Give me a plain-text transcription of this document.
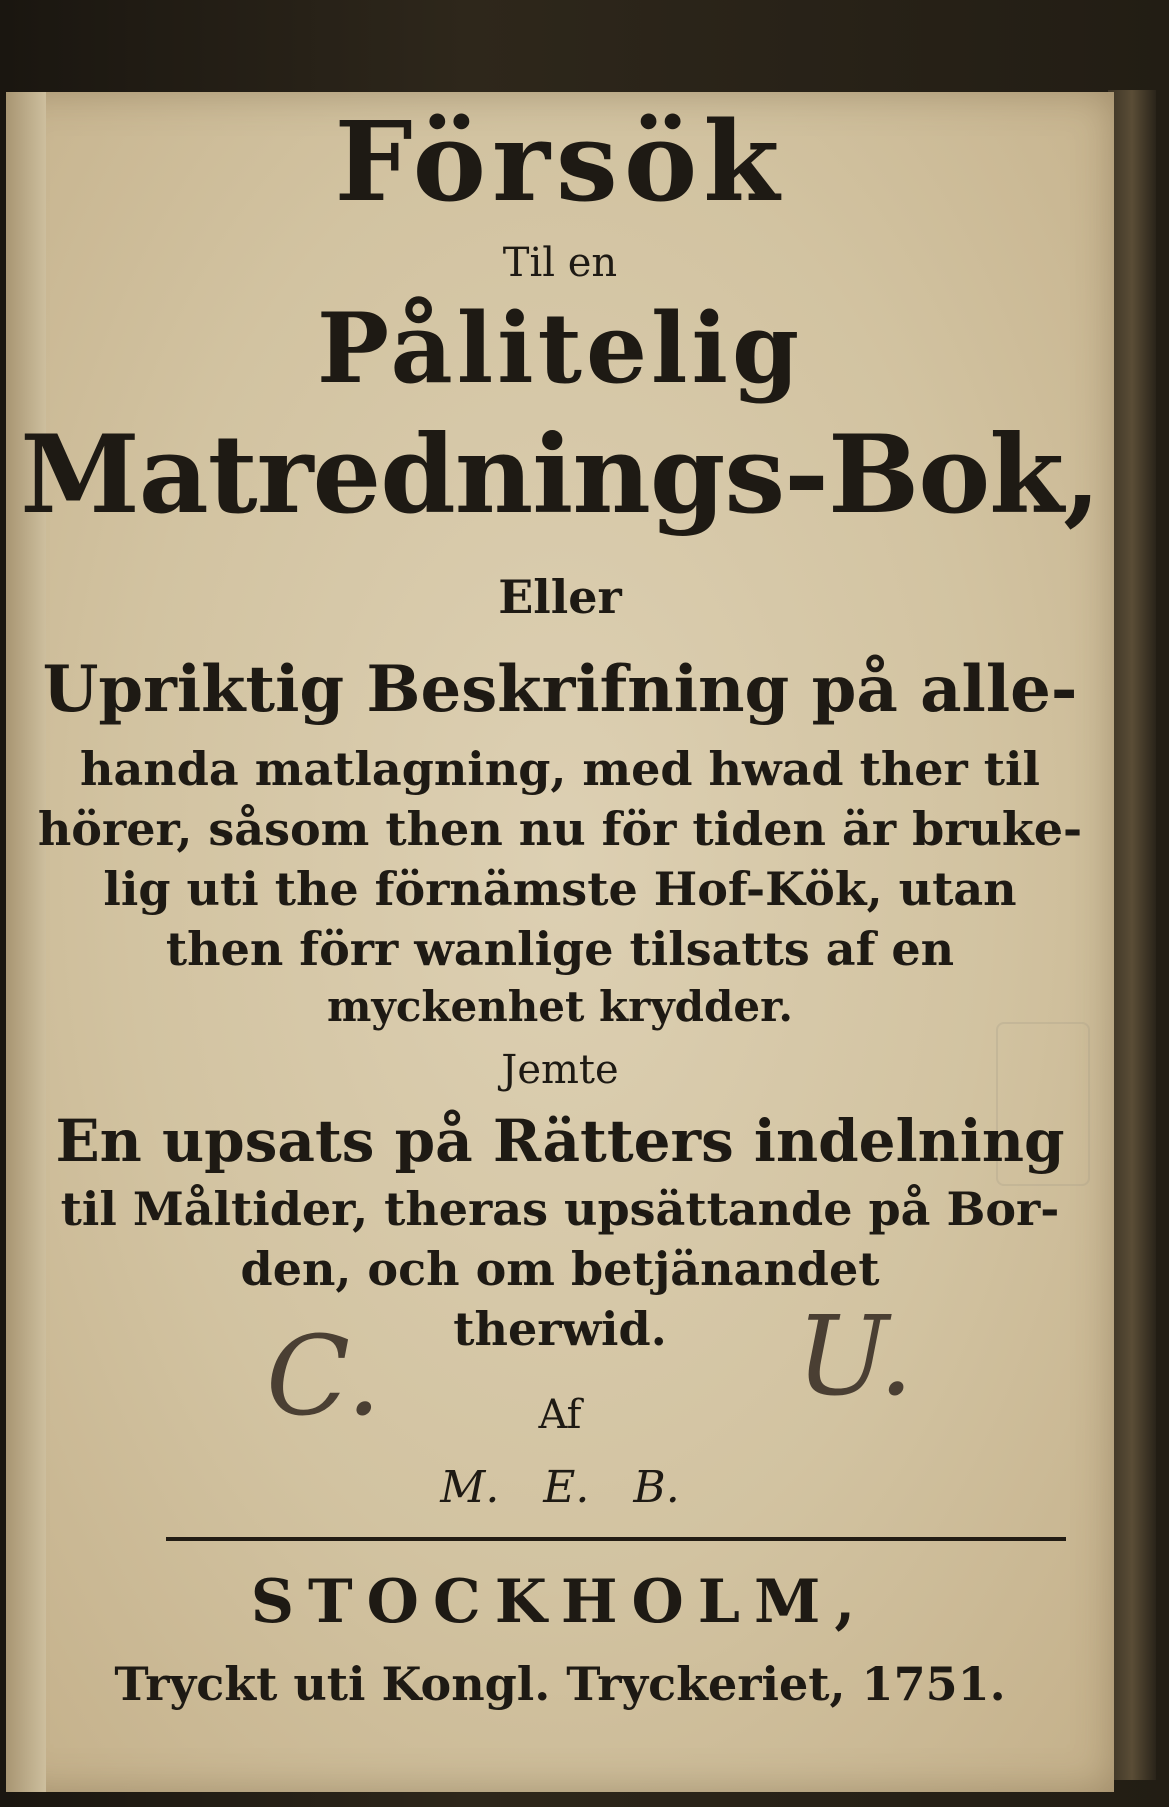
Försök
Til en
Pålitelig
Matrednings-Bok,
Eller
Upriktig Beskrifning på alle-
handa matlagning, med hwad ther til
hörer, såsom then nu för tiden är bruke-
lig uti the förnämste Hof-Kök, utan
then förr wanlige tilsatts af en
myckenhet krydder.
Jemte
En upsats på Rätters indelning
til Måltider, theras upsättande på Bor-
den, och om betjänandet
therwid.
C.	U.
Af
M. E. B.
STOCKHOLM,
Tryckt uti Kongl. Tryckeriet, 1751.
